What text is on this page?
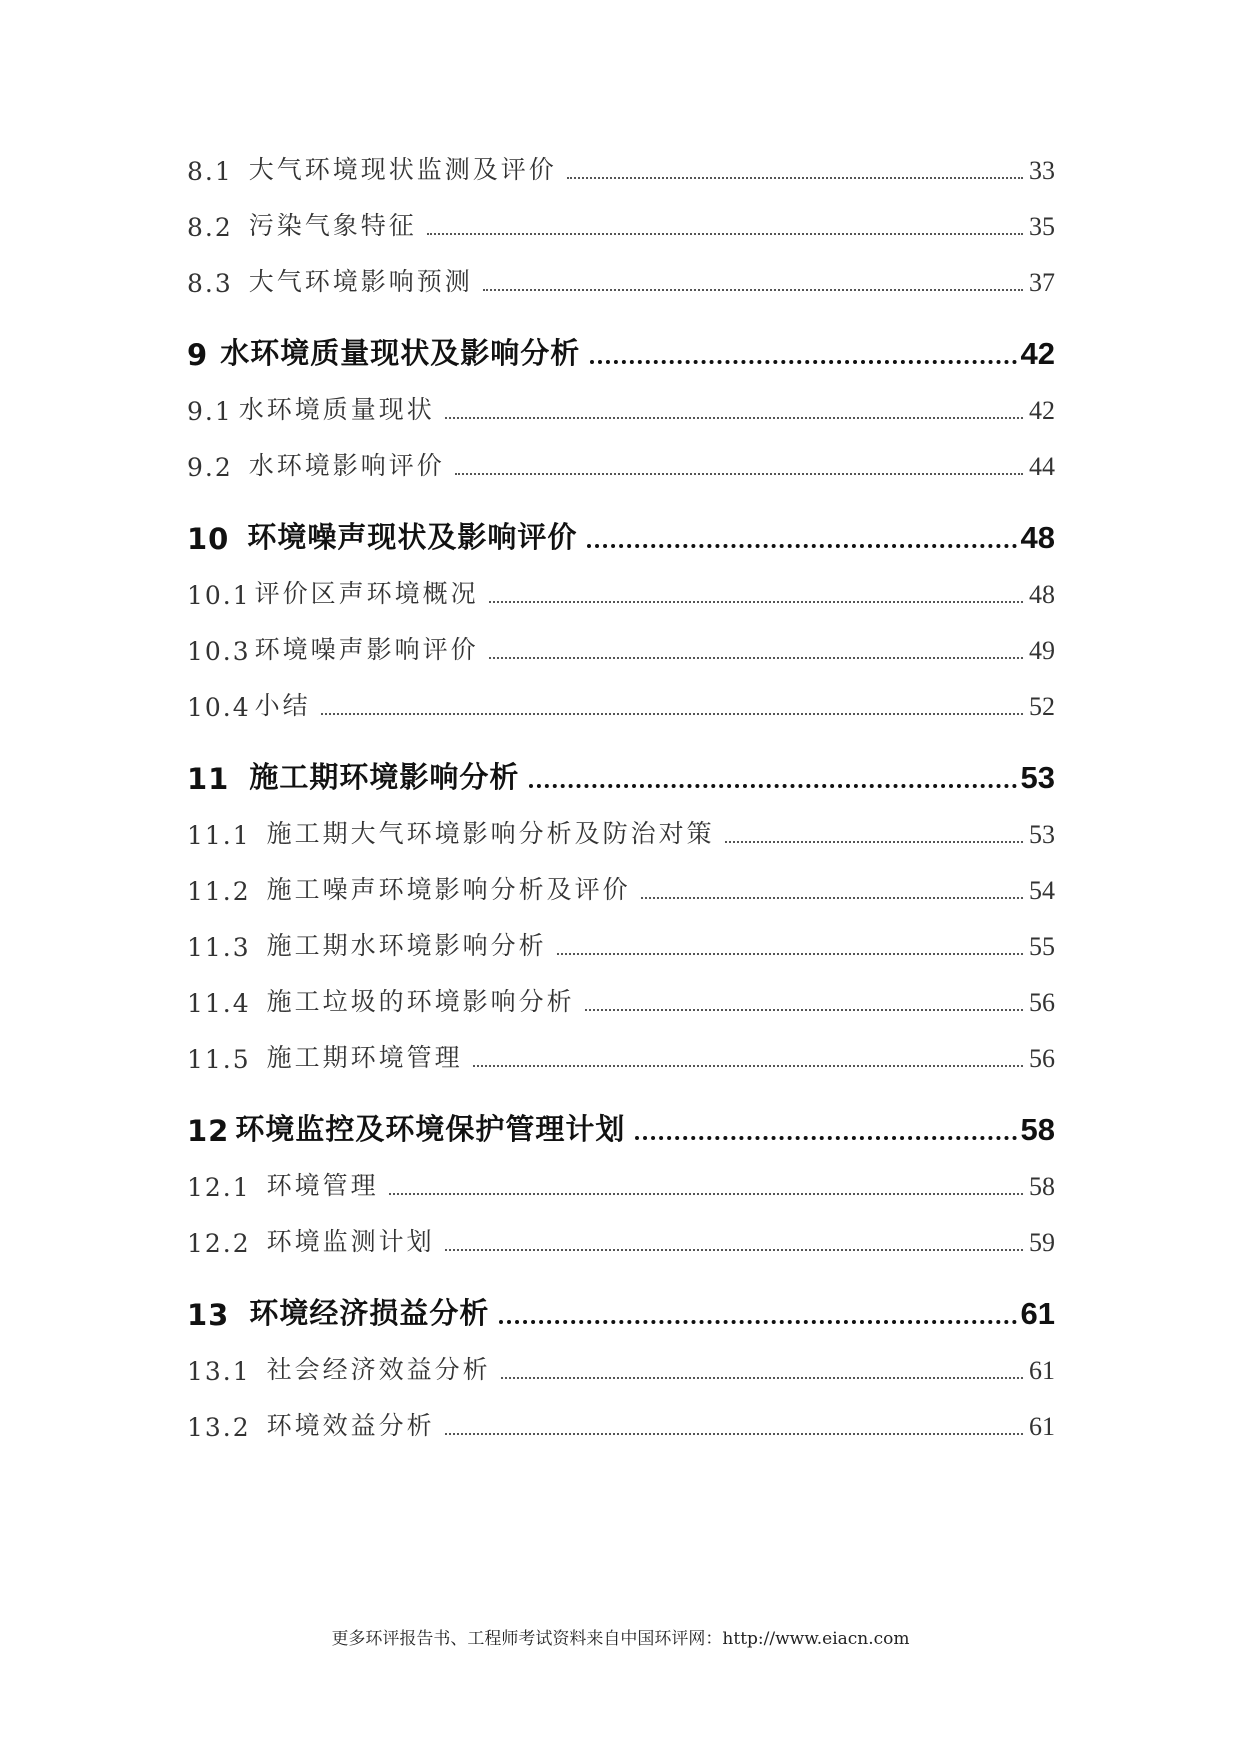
8.1 大气环境现状监测及评价	33
8.2 污染气象特征	35
8.3 大气环境影响预测	37
9 水环境质量现状及影响分析	42
9.1 水环境质量现状	42
9.2 水环境影响评价	44
10 环境噪声现状及影响评价	48
10.1 评价区声环境概况	48
10.3 环境噪声影响评价	49
10.4 小结	52
11 施工期环境影响分析	53
11.1 施工期大气环境影响分析及防治对策	53
11.2 施工噪声环境影响分析及评价	54
11.3 施工期水环境影响分析	55
11.4 施工垃圾的环境影响分析	56
11.5 施工期环境管理	56
12 环境监控及环境保护管理计划	58
12.1 环境管理	58
12.2 环境监测计划	59
13 环境经济损益分析	61
13.1 社会经济效益分析	61
13.2 环境效益分析	61
更多环评报告书、工程师考试资料来自中国环评网：http://www.eiacn.com
